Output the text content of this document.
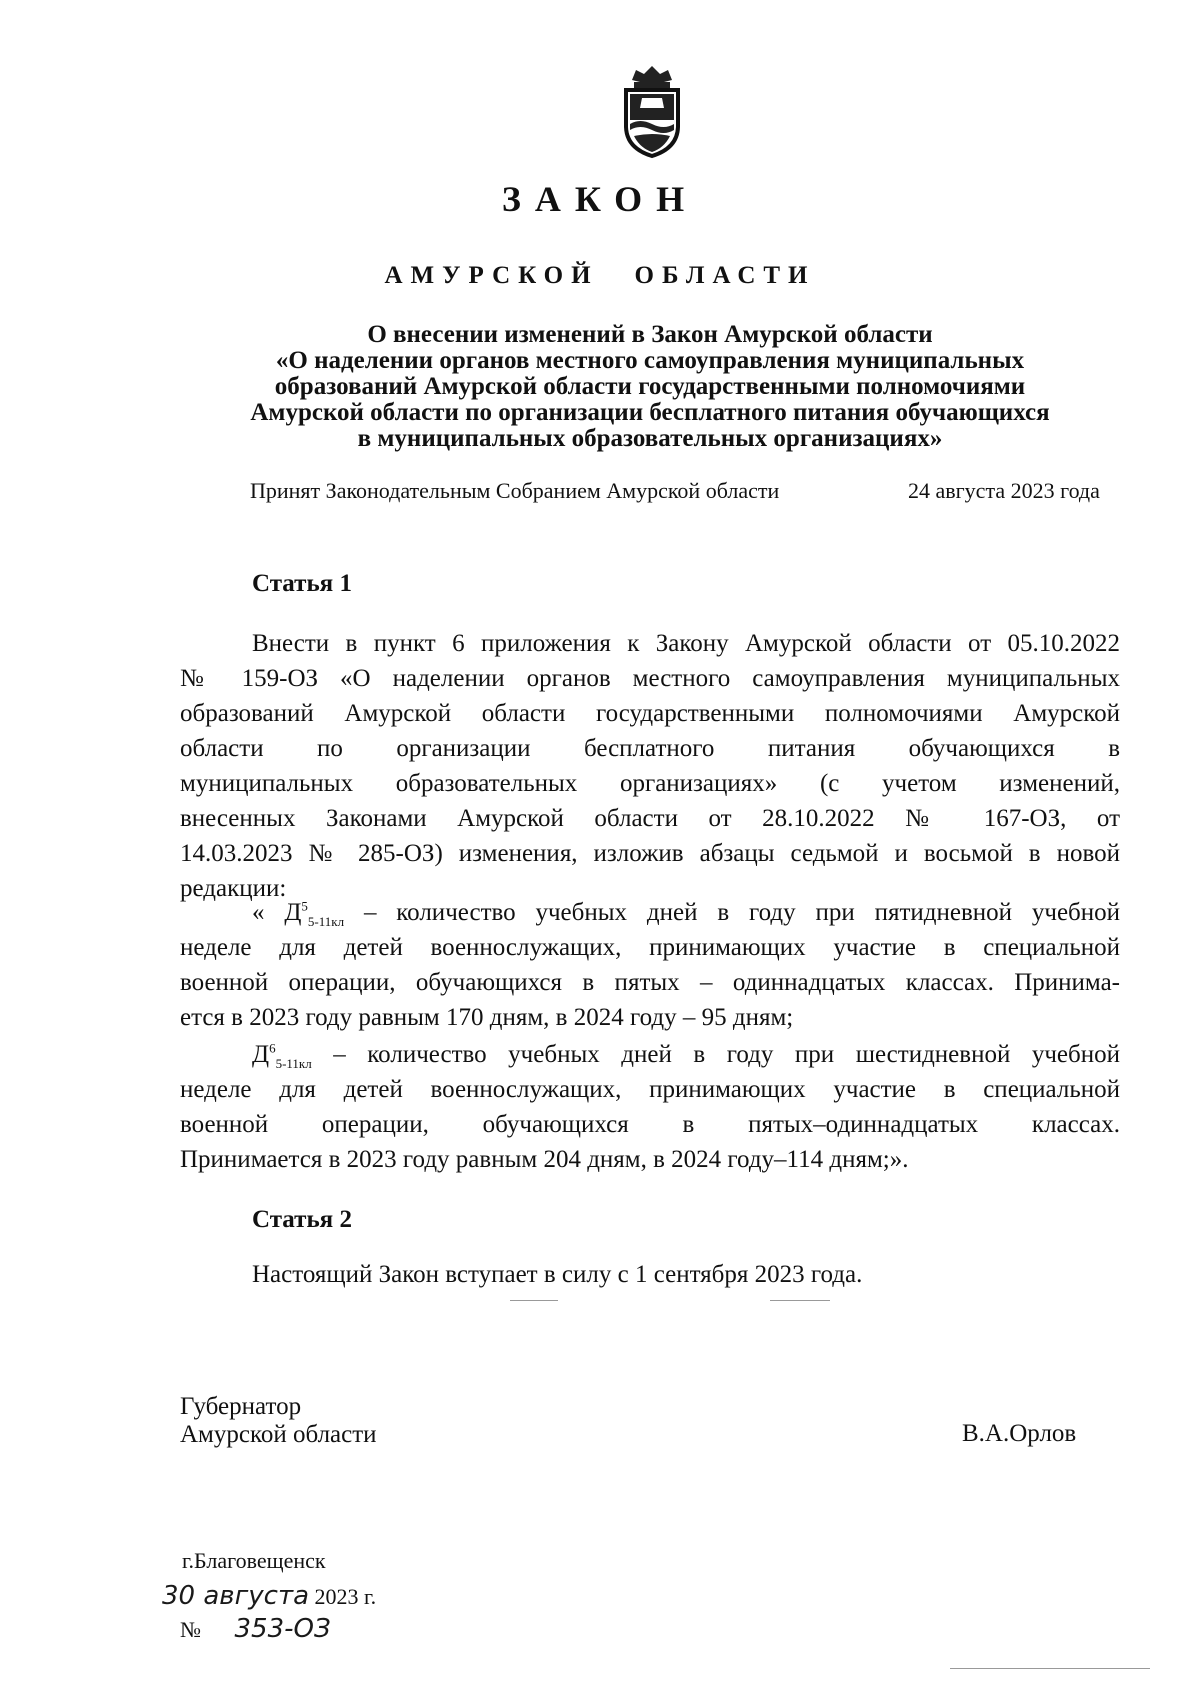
ЗАКОН
АМУРСКОЙ ОБЛАСТИ
О внесении изменений в Закон Амурской области
«О наделении органов местного самоуправления муниципальных
образований Амурской области государственными полномочиями
Амурской области по организации бесплатного питания обучающихся
в муниципальных образовательных организациях»
Принят Законодательным Собранием Амурской области	24 августа 2023 года
Статья 1
Внести в пункт 6 приложения к Закону Амурской области от 05.10.2022
№ 159-ОЗ «О наделении органов местного самоуправления муниципальных
образований Амурской области государственными полномочиями Амурской
области по организации бесплатного питания обучающихся в
муниципальных образовательных организациях» (с учетом изменений,
внесенных Законами Амурской области от 28.10.2022 № 167-ОЗ, от
14.03.2023 № 285-ОЗ) изменения, изложив абзацы седьмой и восьмой в новой
редакции:
« $Д^5_{5-11кл}$ – количество учебных дней в году при пятидневной учебной
неделе для детей военнослужащих, принимающих участие в специальной
военной операции, обучающихся в пятых – одиннадцатых классах. Принима-
ется в 2023 году равным 170 дням, в 2024 году – 95 дням;
$Д^6_{5-11кл}$ – количество учебных дней в году при шестидневной учебной
неделе для детей военнослужащих, принимающих участие в специальной
военной операции, обучающихся в пятых–одиннадцатых классах.
Принимается в 2023 году равным 204 дням, в 2024 году–114 дням;».
Статья 2
Настоящий Закон вступает в силу с 1 сентября 2023 года.
Губернатор
Амурской области	В.А.Орлов
г.Благовещенск
30 августа 2023 г.
№ 353-ОЗ
